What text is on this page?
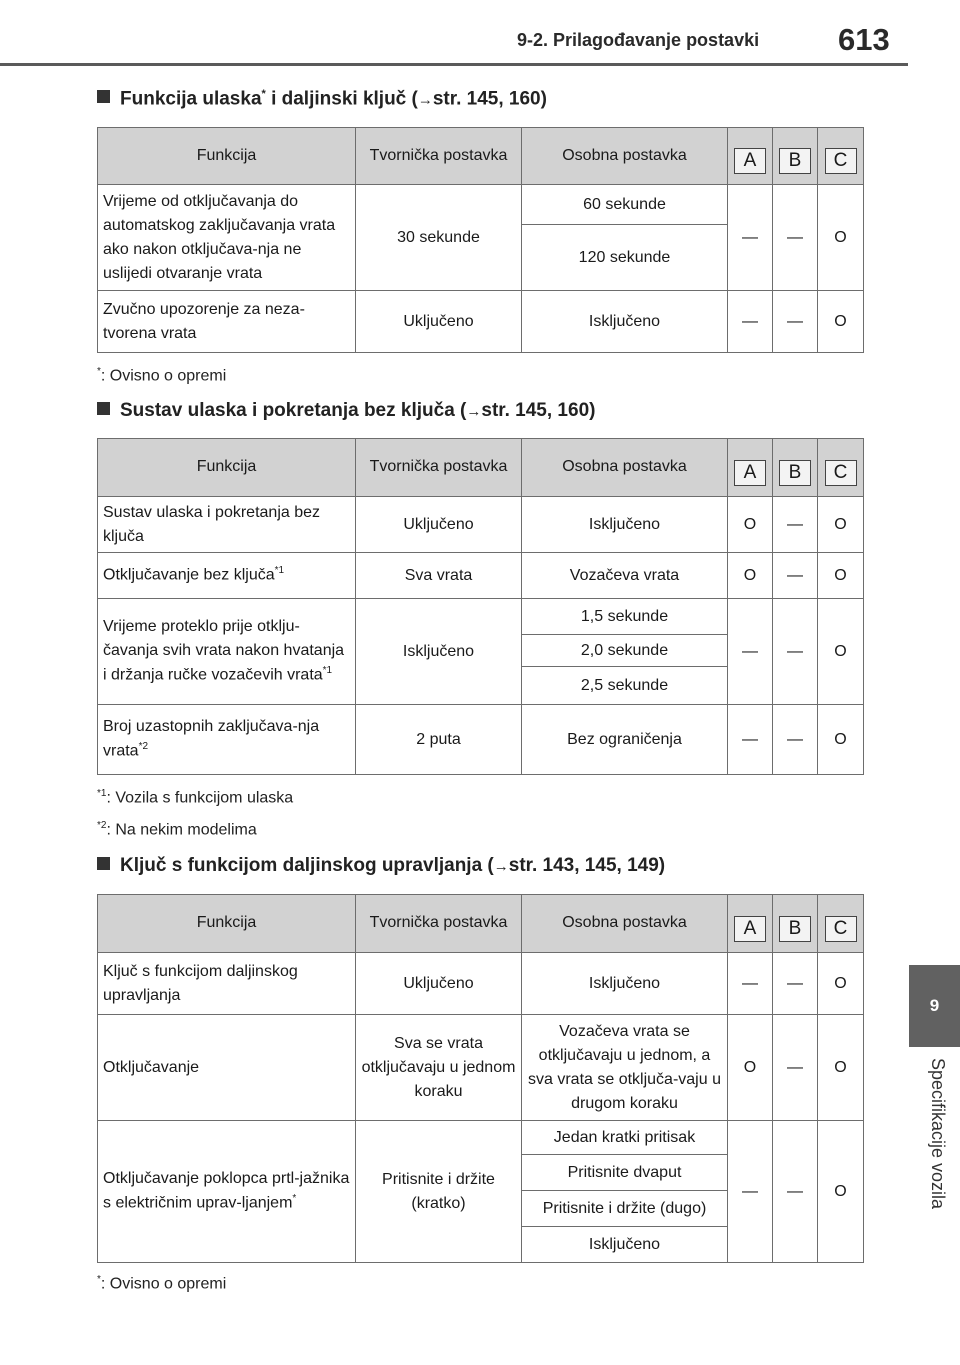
9-2. Prilagođavanje postavki	613
9
Specifikacije vozila
Funkcija ulaska* i daljinski ključ (→str. 145, 160)
Funkcija	Tvornička postavka	Osobna postavka	A	B	C
Vrijeme od otključavanja do automatskog zaključavanja vrata ako nakon otključava-nja ne uslijedi otvaranje vrata	30 sekunde	60 sekunde	—	—	O
		120 sekunde			
Zvučno upozorenje za neza-tvorena vrata	Uključeno	Isključeno	—	—	O
*: Ovisno o opremi
Sustav ulaska i pokretanja bez ključa (→str. 145, 160)
Funkcija	Tvornička postavka	Osobna postavka	A	B	C
Sustav ulaska i pokretanja bez ključa	Uključeno	Isključeno	O	—	O
Otključavanje bez ključa$^{*1}$	Sva vrata	Vozačeva vrata	O	—	O
Vrijeme proteklo prije otklju-čavanja svih vrata nakon hvatanja i držanja ručke vozačevih vrata$^{*1}$	Isključeno	1,5 sekunde	—	—	O
		2,0 sekunde			
		2,5 sekunde			
Broj uzastopnih zaključava-nja vrata$^{*2}$	2 puta	Bez ograničenja	—	—	O
$^{*1}$: Vozila s funkcijom ulaska
$^{*2}$: Na nekim modelima
Ključ s funkcijom daljinskog upravljanja (→str. 143, 145, 149)
Funkcija	Tvornička postavka	Osobna postavka	A	B	C
Ključ s funkcijom daljinskog upravljanja	Uključeno	Isključeno	—	—	O
Otključavanje	Sva se vrata otključavaju u jednom koraku	Vozačeva vrata se otključavaju u jednom, a sva vrata se otključa-vaju u drugom koraku	O	—	O
Otključavanje poklopca prtl-jažnika s električnim uprav-ljanjem*	Pritisnite i držite (kratko)	Jedan kratki pritisak	—	—	O
		Pritisnite dvaput			
		Pritisnite i držite (dugo)			
		Isključeno			
*: Ovisno o opremi
